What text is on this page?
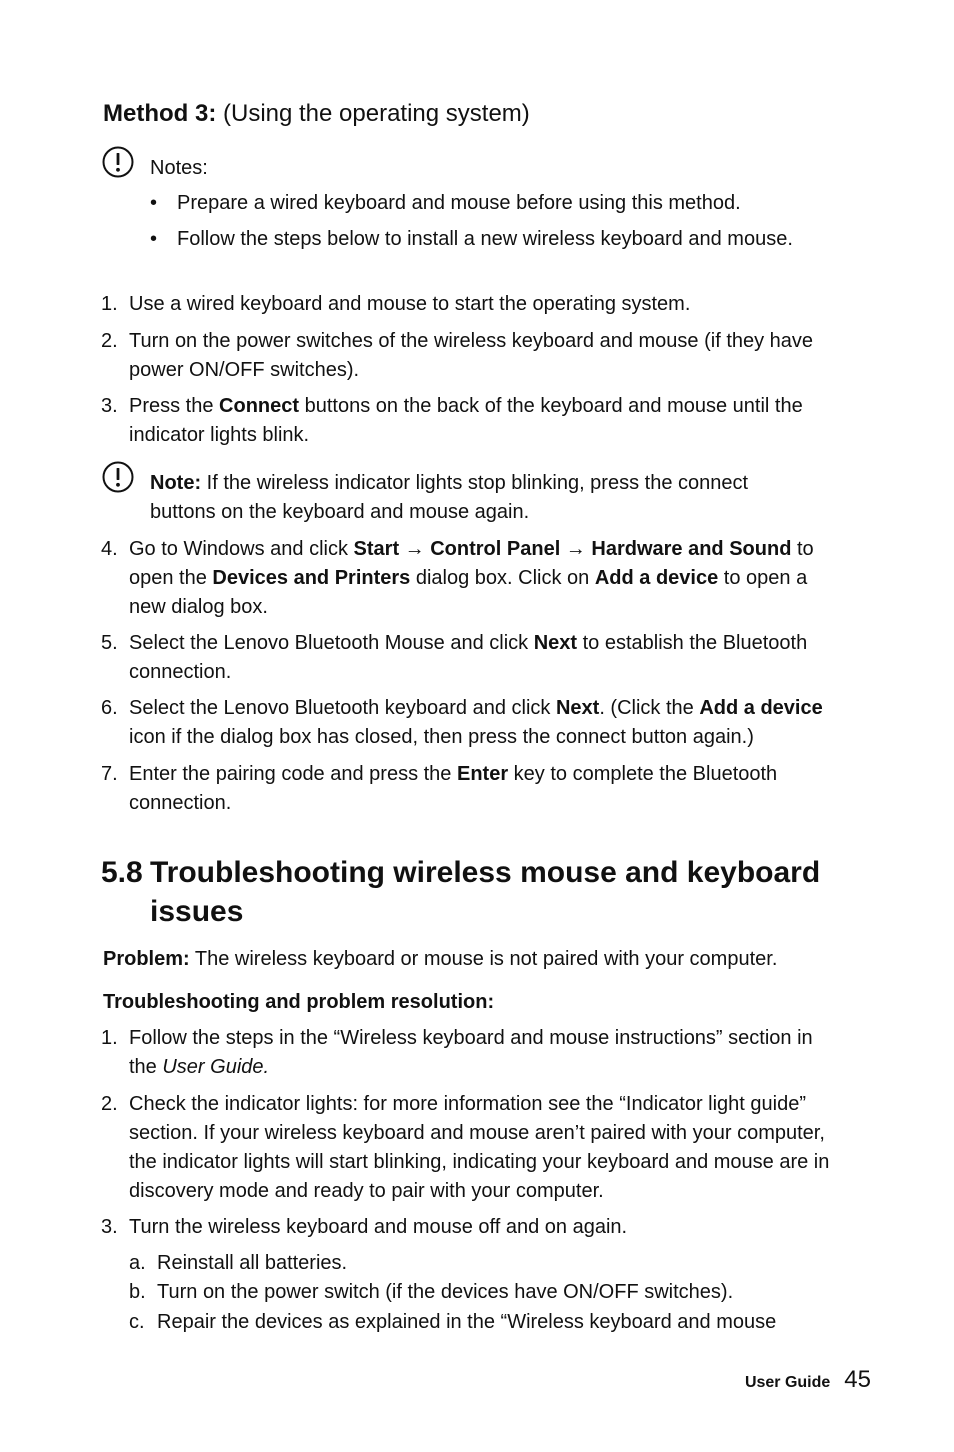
Method 3: (Using the operating system)
Notes:
• Prepare a wired keyboard and mouse before using this method.
• Follow the steps below to install a new wireless keyboard and mouse.
1. Use a wired keyboard and mouse to start the operating system.
2. Turn on the power switches of the wireless keyboard and mouse (if they have
power ON/OFF switches).
3. Press the Connect buttons on the back of the keyboard and mouse until the
indicator lights blink.
Note: If the wireless indicator lights stop blinking, press the connect
buttons on the keyboard and mouse again.
4. Go to Windows and click Start → Control Panel → Hardware and Sound to
open the Devices and Printers dialog box. Click on Add a device to open a
new dialog box.
5. Select the Lenovo Bluetooth Mouse and click Next to establish the Bluetooth
connection.
6. Select the Lenovo Bluetooth keyboard and click Next. (Click the Add a device
icon if the dialog box has closed, then press the connect button again.)
7. Enter the pairing code and press the Enter key to complete the Bluetooth
connection.
5.8 Troubleshooting wireless mouse and keyboard
issues
Problem: The wireless keyboard or mouse is not paired with your computer.
Troubleshooting and problem resolution:
1. Follow the steps in the “Wireless keyboard and mouse instructions” section in
the User Guide.
2. Check the indicator lights: for more information see the “Indicator light guide”
section. If your wireless keyboard and mouse aren’t paired with your computer,
the indicator lights will start blinking, indicating your keyboard and mouse are in
discovery mode and ready to pair with your computer.
3. Turn the wireless keyboard and mouse off and on again.
a. Reinstall all batteries.
b. Turn on the power switch (if the devices have ON/OFF switches).
c. Repair the devices as explained in the “Wireless keyboard and mouse
User Guide 45
